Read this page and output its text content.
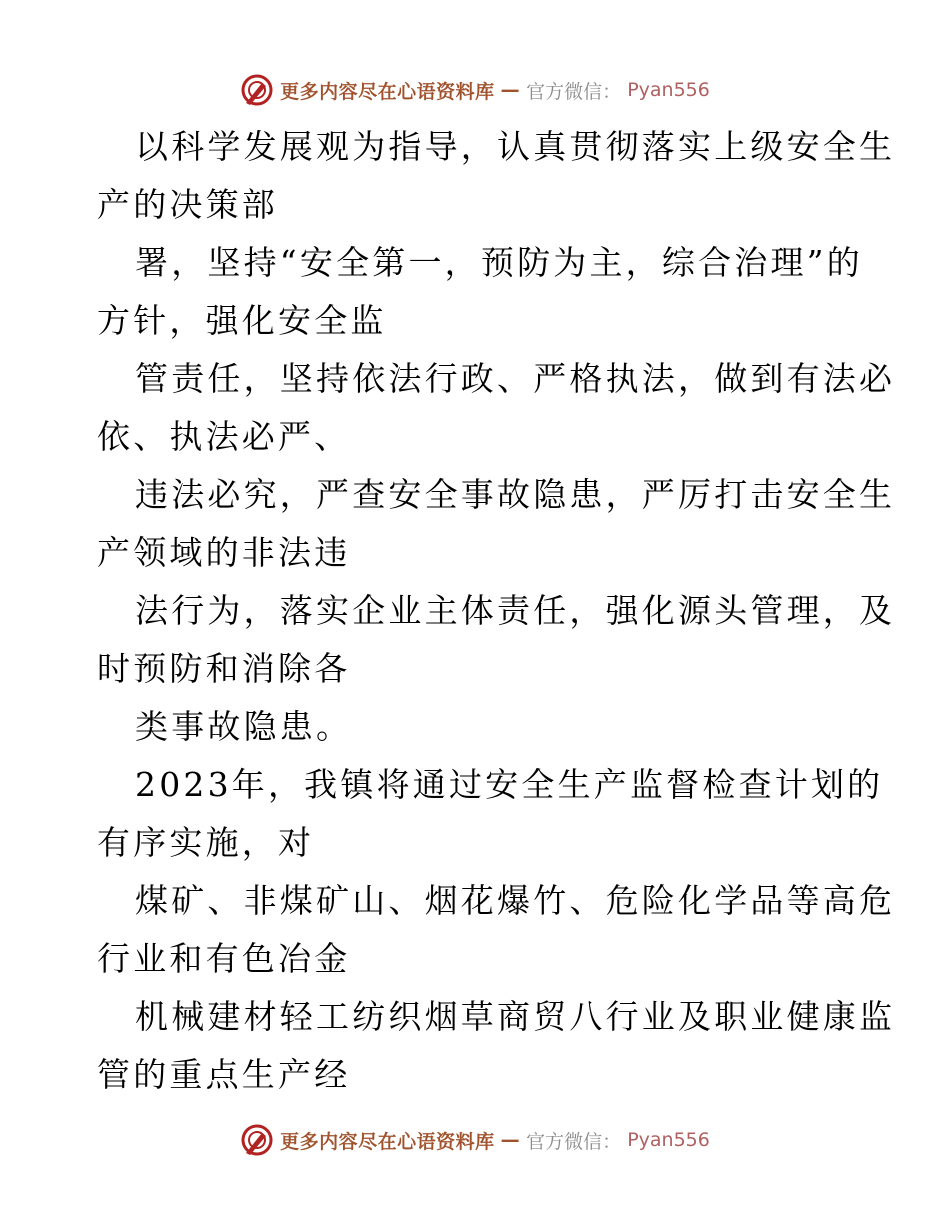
更多内容尽在心语资料库 — 官方微信： Pyan556
以科学发展观为指导，认真贯彻落实上级安全生
产的决策部
署，坚持“安全第一，预防为主，综合治理”的
方针，强化安全监
管责任，坚持依法行政、严格执法，做到有法必
依、执法必严、
违法必究，严查安全事故隐患，严厉打击安全生
产领域的非法违
法行为，落实企业主体责任，强化源头管理，及
时预防和消除各
类事故隐患。
2023年，我镇将通过安全生产监督检查计划的
有序实施，对
煤矿、非煤矿山、烟花爆竹、危险化学品等高危
行业和有色冶金
机械建材轻工纺织烟草商贸八行业及职业健康监
管的重点生产经
更多内容尽在心语资料库 — 官方微信： Pyan556
